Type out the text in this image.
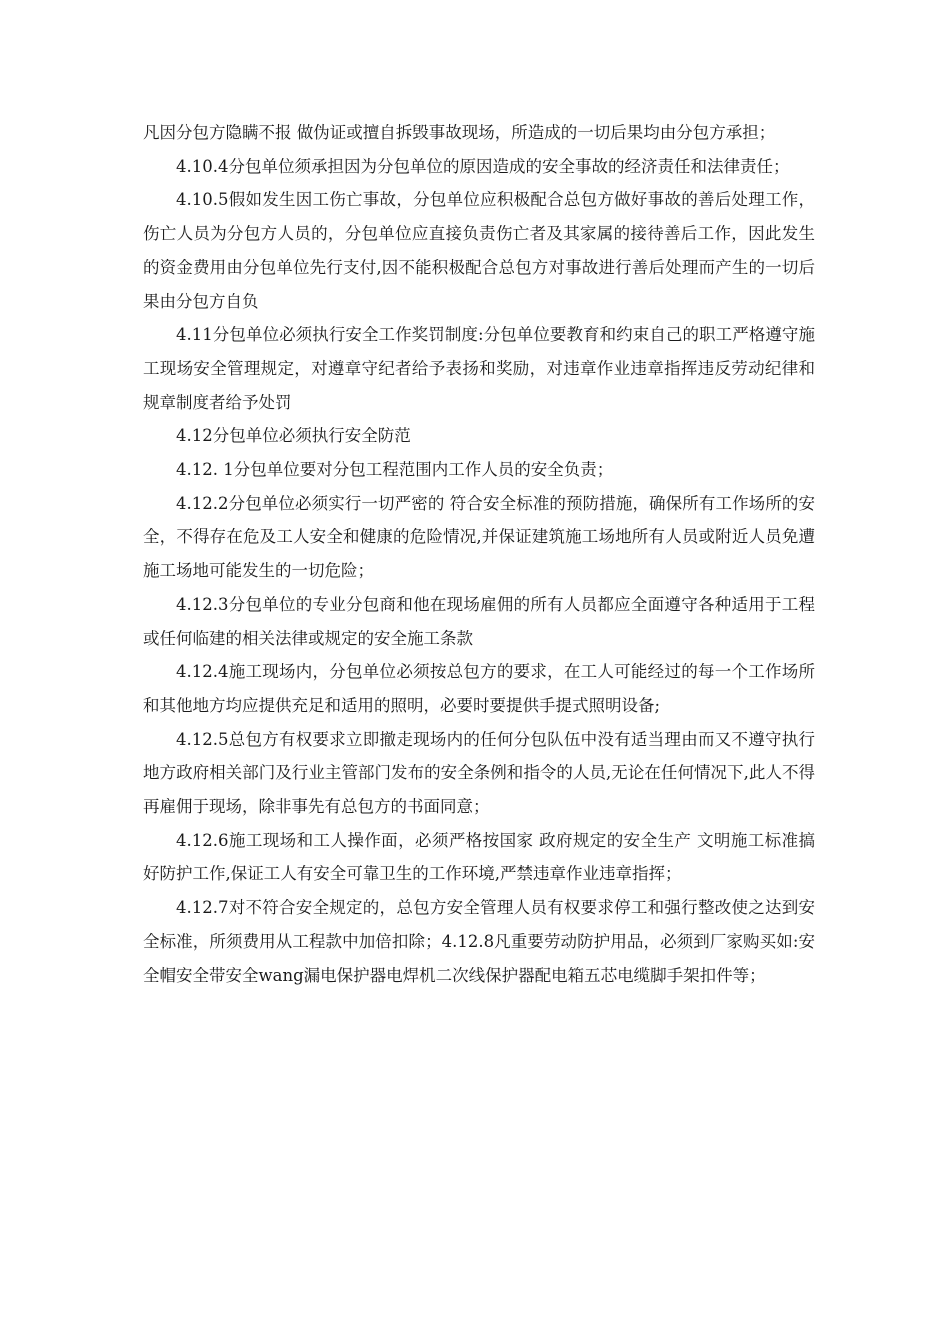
凡因分包方隐瞒不报 做伪证或擅自拆毁事故现场，所造成的一切后果均由分包方承担；

4.10.4分包单位须承担因为分包单位的原因造成的安全事故的经济责任和法律责任；

4.10.5假如发生因工伤亡事故，分包单位应积极配合总包方做好事故的善后处理工作，伤亡人员为分包方人员的，分包单位应直接负责伤亡者及其家属的接待善后工作，因此发生的资金费用由分包单位先行支付,因不能积极配合总包方对事故进行善后处理而产生的一切后果由分包方自负

4.11分包单位必须执行安全工作奖罚制度:分包单位要教育和约束自己的职工严格遵守施工现场安全管理规定，对遵章守纪者给予表扬和奖励，对违章作业违章指挥违反劳动纪律和规章制度者给予处罚

4.12分包单位必须执行安全防范

4.12. 1分包单位要对分包工程范围内工作人员的安全负责；

4.12.2分包单位必须实行一切严密的 符合安全标准的预防措施，确保所有工作场所的安全，不得存在危及工人安全和健康的危险情况,并保证建筑施工场地所有人员或附近人员免遭施工场地可能发生的一切危险；

4.12.3分包单位的专业分包商和他在现场雇佣的所有人员都应全面遵守各种适用于工程或任何临建的相关法律或规定的安全施工条款

4.12.4施工现场内，分包单位必须按总包方的要求，在工人可能经过的每一个工作场所和其他地方均应提供充足和适用的照明，必要时要提供手提式照明设备;

4.12.5总包方有权要求立即撤走现场内的任何分包队伍中没有适当理由而又不遵守执行地方政府相关部门及行业主管部门发布的安全条例和指令的人员,无论在任何情况下,此人不得再雇佣于现场，除非事先有总包方的书面同意；

4.12.6施工现场和工人操作面，必须严格按国家 政府规定的安全生产 文明施工标准搞好防护工作,保证工人有安全可靠卫生的工作环境,严禁违章作业违章指挥；

4.12.7对不符合安全规定的，总包方安全管理人员有权要求停工和强行整改使之达到安全标准，所须费用从工程款中加倍扣除；4.12.8凡重要劳动防护用品，必须到厂家购买如:安全帽安全带安全wang漏电保护器电焊机二次线保护器配电箱五芯电缆脚手架扣件等；
